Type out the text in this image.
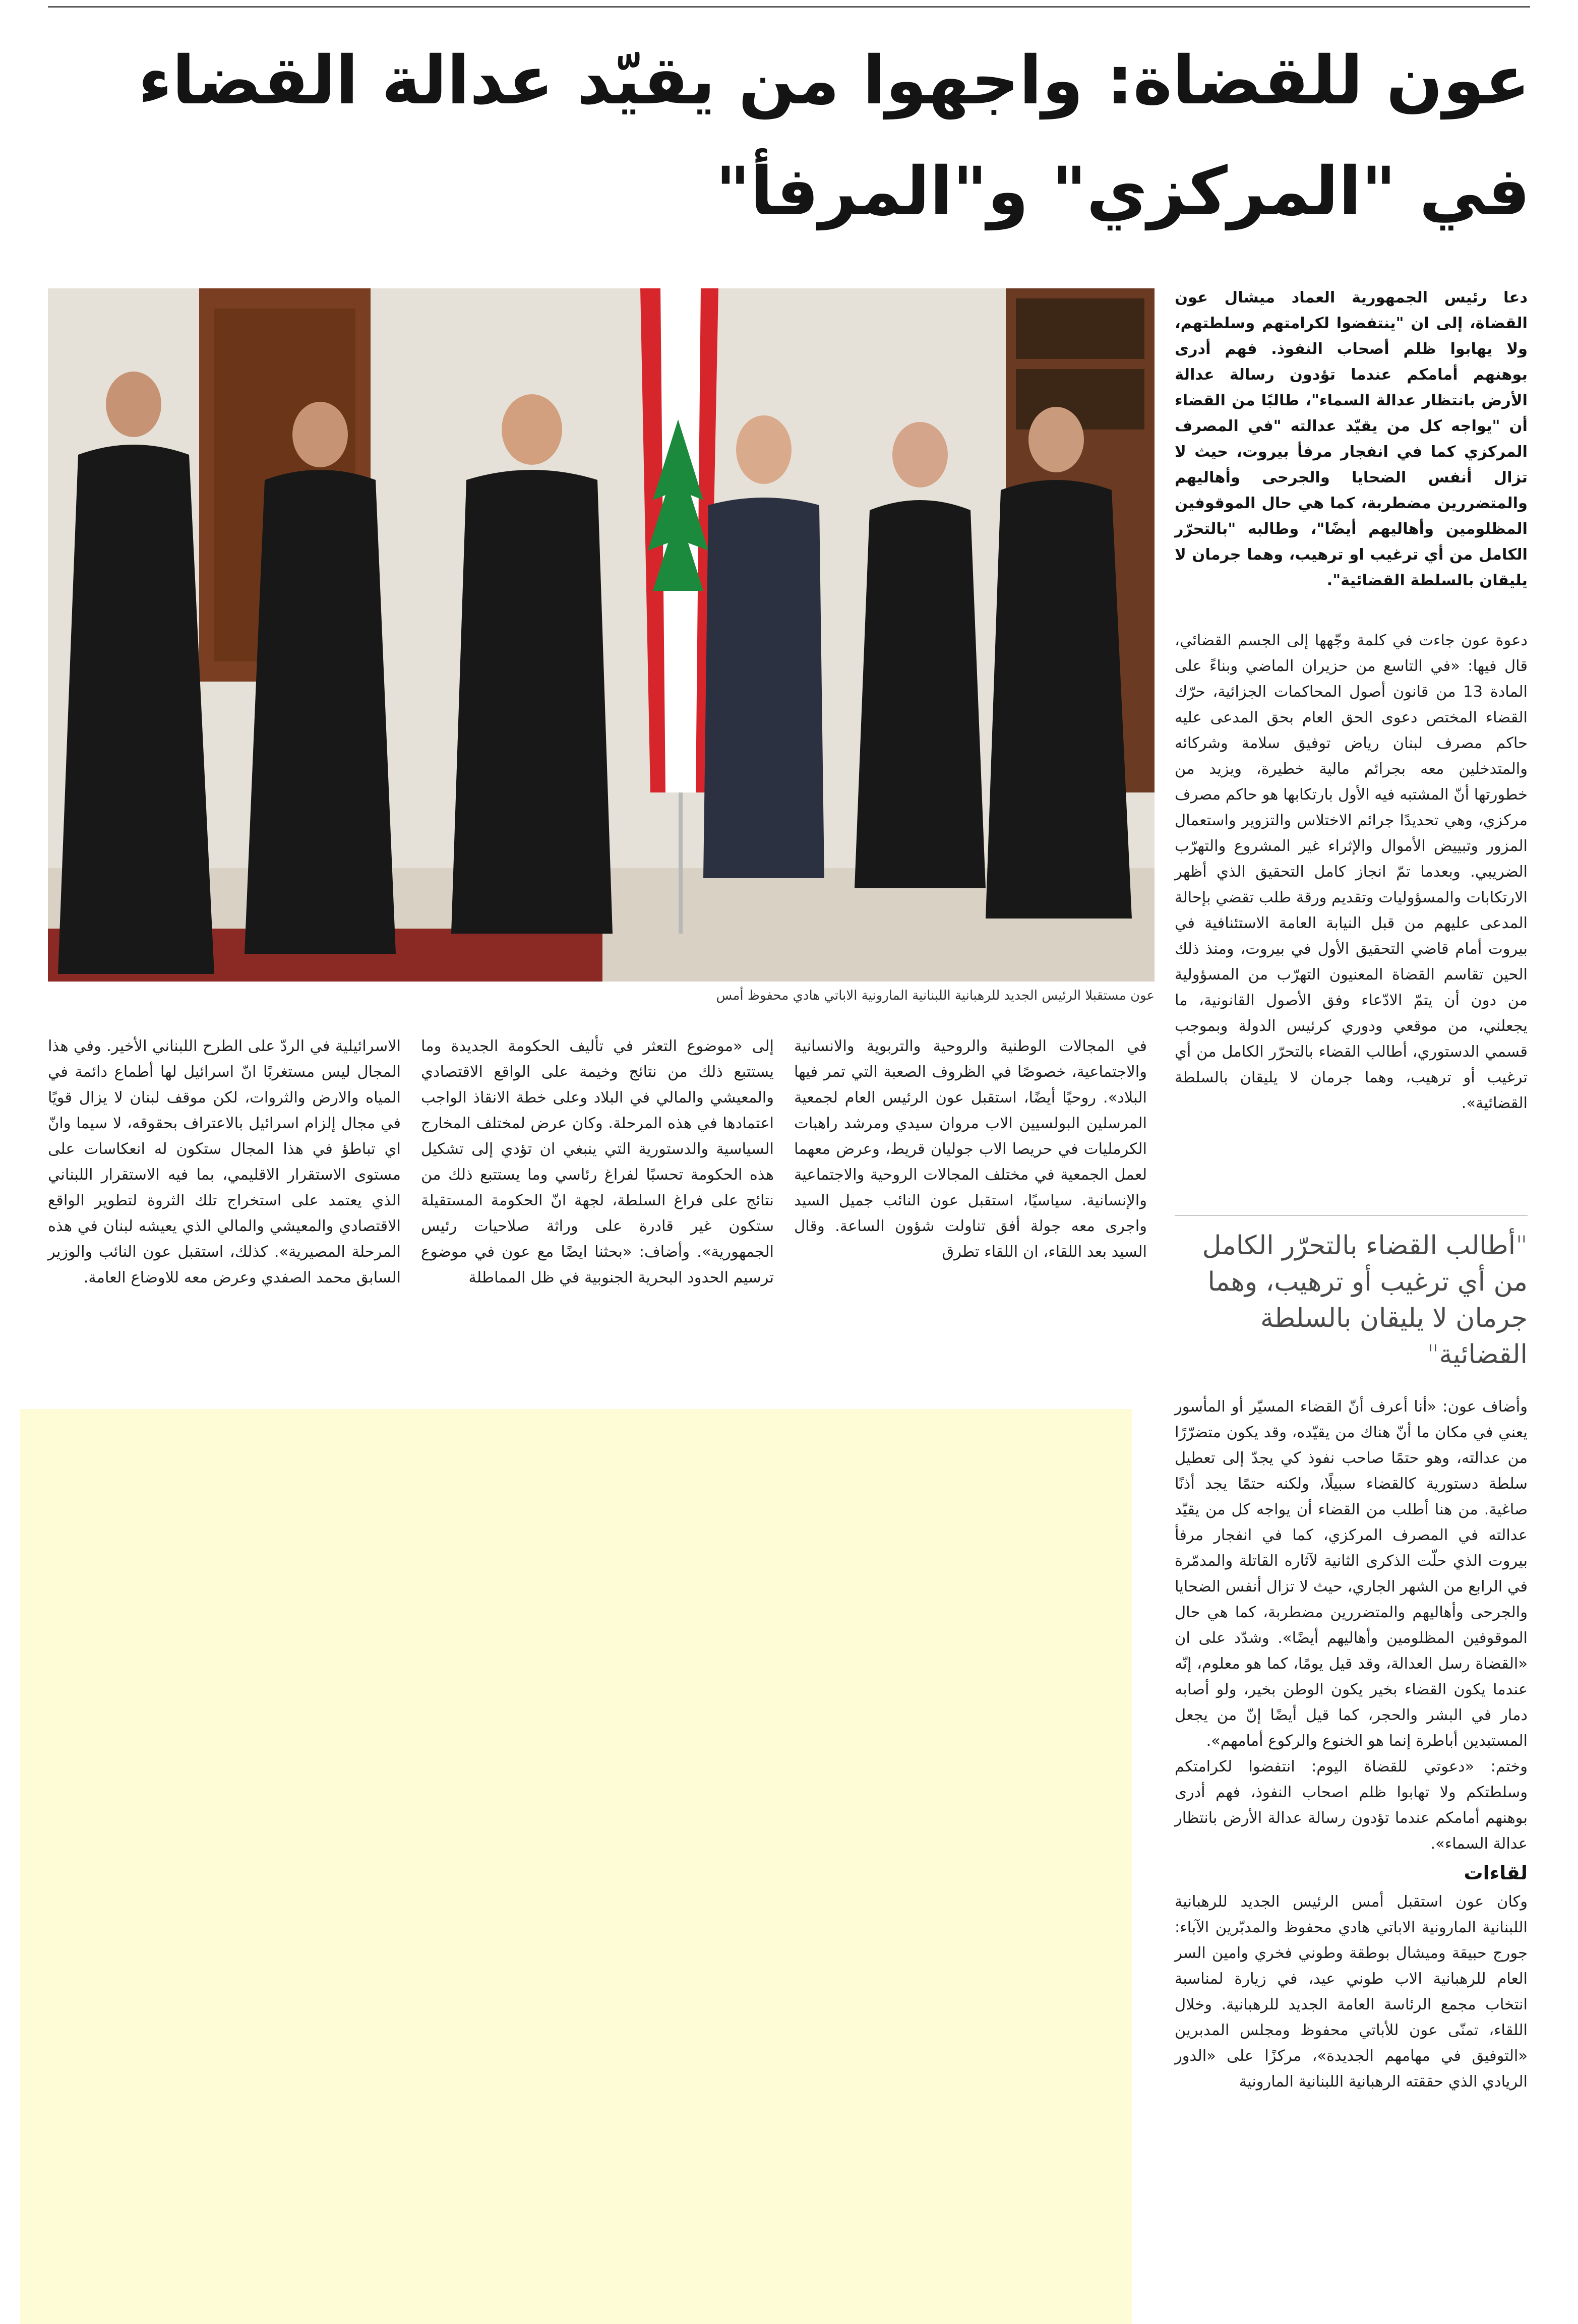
عون للقضاة: واجهوا من يقيّد عدالة القضاء
في "المركزي" و"المرفأ"

دعا رئيس الجمهورية العماد ميشال عون القضاة، إلى ان "ينتفضوا لكرامتهم وسلطتهم، ولا يهابوا ظلم أصحاب النفوذ. فهم أدرى بوهنهم أمامكم عندما تؤدون رسالة عدالة الأرض بانتظار عدالة السماء"، طالبًا من القضاء أن "يواجه كل من يقيّد عدالته "في المصرف المركزي كما في انفجار مرفأ بيروت، حيث لا تزال أنفس الضحايا والجرحى وأهاليهم والمتضررين مضطربة، كما هي حال الموقوفين المظلومين وأهاليهم أيضًا"، وطالبه "بالتحرّر الكامل من أي ترغيب او ترهيب، وهما جرمان لا يليقان بالسلطة القضائية".

عون مستقبلا الرئيس الجديد للرهبانية اللبنانية المارونية الاباتي هادي محفوظ أمس

دعوة عون جاءت في كلمة وجّهها إلى الجسم القضائي، قال فيها: «في التاسع من حزيران الماضي وبناءً على المادة 13 من قانون أصول المحاكمات الجزائية، حرّك القضاء المختص دعوى الحق العام بحق المدعى عليه حاكم مصرف لبنان رياض توفيق سلامة وشركائه والمتدخلين معه بجرائم مالية خطيرة، ويزيد من خطورتها أنّ المشتبه فيه الأول بارتكابها هو حاكم مصرف مركزي، وهي تحديدًا جرائم الاختلاس والتزوير واستعمال المزور وتبييض الأموال والإثراء غير المشروع والتهرّب الضريبي. وبعدما تمّ انجاز كامل التحقيق الذي أظهر الارتكابات والمسؤوليات وتقديم ورقة طلب تقضي بإحالة المدعى عليهم من قبل النيابة العامة الاستئنافية في بيروت أمام قاضي التحقيق الأول في بيروت، ومنذ ذلك الحين تقاسم القضاة المعنيون التهرّب من المسؤولية من دون أن يتمّ الادّعاء وفق الأصول القانونية، ما يجعلني، من موقعي ودوري كرئيس الدولة وبموجب قسمي الدستوري، أطالب القضاء بالتحرّر الكامل من أي ترغيب أو ترهيب، وهما جرمان لا يليقان بالسلطة القضائية».

"أطالب القضاء بالتحرّر الكامل من أي ترغيب أو ترهيب، وهما جرمان لا يليقان بالسلطة القضائية"

وأضاف عون: «أنا أعرف أنّ القضاء المسيّر أو المأسور يعني في مكان ما أنّ هناك من يقيّده، وقد يكون متضرّرًا من عدالته، وهو حتمًا صاحب نفوذ كي يجدّ إلى تعطيل سلطة دستورية كالقضاء سبيلًا، ولكنه حتمًا يجد أذنًا صاغية. من هنا أطلب من القضاء أن يواجه كل من يقيّد عدالته في المصرف المركزي، كما في انفجار مرفأ بيروت الذي حلّت الذكرى الثانية لآثاره القاتلة والمدمّرة في الرابع من الشهر الجاري، حيث لا تزال أنفس الضحايا والجرحى وأهاليهم والمتضررين مضطربة، كما هي حال الموقوفين المظلومين وأهاليهم أيضًا». وشدّد على ان «القضاة رسل العدالة، وقد قيل يومًا، كما هو معلوم، إنّه عندما يكون القضاء بخير يكون الوطن بخير، ولو أصابه دمار في البشر والحجر، كما قيل أيضًا إنّ من يجعل المستبدين أباطرة إنما هو الخنوع والركوع أمامهم».

وختم: «دعوتي للقضاة اليوم: انتفضوا لكرامتكم وسلطتكم ولا تهابوا ظلم اصحاب النفوذ، فهم أدرى بوهنهم أمامكم عندما تؤدون رسالة عدالة الأرض بانتظار عدالة السماء».

لقاءات

وكان عون استقبل أمس الرئيس الجديد للرهبانية اللبنانية المارونية الاباتي هادي محفوظ والمدبّرين الآباء: جورج حبيقة وميشال بوطقة وطوني فخري وامين السر العام للرهبانية الاب طوني عيد، في زيارة لمناسبة انتخاب مجمع الرئاسة العامة الجديد للرهبانية. وخلال اللقاء، تمنّى عون للأباتي محفوظ ومجلس المدبرين «التوفيق في مهامهم الجديدة»، مركزًا على «الدور الريادي الذي حققته الرهبانية اللبنانية المارونية

في المجالات الوطنية والروحية والتربوية والانسانية والاجتماعية، خصوصًا في الظروف الصعبة التي تمر فيها البلاد». روحيًا أيضًا، استقبل عون الرئيس العام لجمعية المرسلين البولسيين الاب مروان سيدي ومرشد راهبات الكرمليات في حريصا الاب جوليان قريط، وعرض معهما لعمل الجمعية في مختلف المجالات الروحية والاجتماعية والإنسانية. سياسيًا، استقبل عون النائب جميل السيد واجرى معه جولة أفق تناولت شؤون الساعة. وقال السيد بعد اللقاء، ان اللقاء تطرق

إلى «موضوع التعثر في تأليف الحكومة الجديدة وما يستتبع ذلك من نتائج وخيمة على الواقع الاقتصادي والمعيشي والمالي في البلاد وعلى خطة الانقاذ الواجب اعتمادها في هذه المرحلة. وكان عرض لمختلف المخارج السياسية والدستورية التي ينبغي ان تؤدي إلى تشكيل هذه الحكومة تحسبًا لفراغ رئاسي وما يستتبع ذلك من نتائج على فراغ السلطة، لجهة انّ الحكومة المستقيلة ستكون غير قادرة على وراثة صلاحيات رئيس الجمهورية». وأضاف: «بحثنا ايضًا مع عون في موضوع ترسيم الحدود البحرية الجنوبية في ظل المماطلة

الاسرائيلية في الردّ على الطرح اللبناني الأخير. وفي هذا المجال ليس مستغربًا انّ اسرائيل لها أطماع دائمة في المياه والارض والثروات، لكن موقف لبنان لا يزال قويًا في مجال إلزام اسرائيل بالاعتراف بحقوقه، لا سيما وانّ اي تباطؤ في هذا المجال ستكون له انعكاسات على مستوى الاستقرار الاقليمي، بما فيه الاستقرار اللبناني الذي يعتمد على استخراج تلك الثروة لتطوير الواقع الاقتصادي والمعيشي والمالي الذي يعيشه لبنان في هذه المرحلة المصيرية». كذلك، استقبل عون النائب والوزير السابق محمد الصفدي وعرض معه للاوضاع العامة.
